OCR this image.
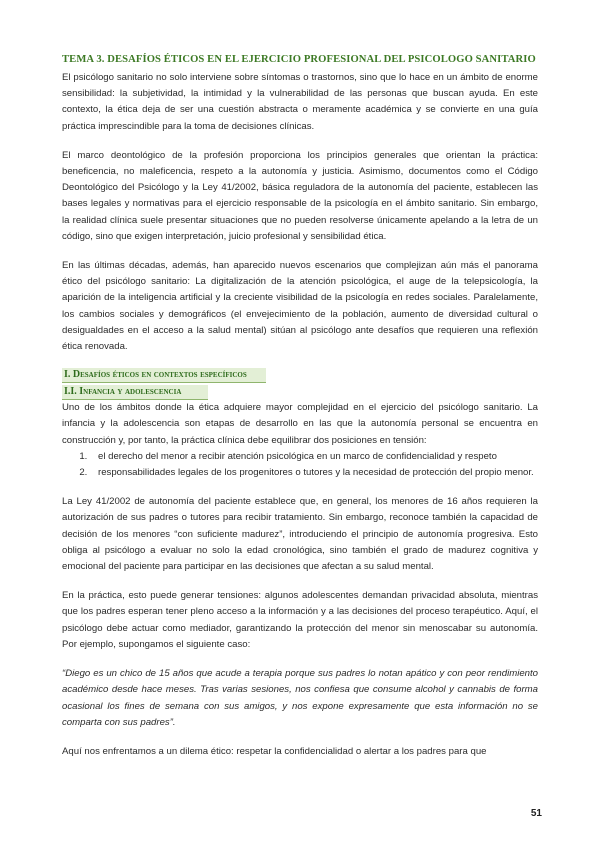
TEMA 3. DESAFÍOS ÉTICOS EN EL EJERCICIO PROFESIONAL DEL PSICOLOGO SANITARIO

El psicólogo sanitario no solo interviene sobre síntomas o trastornos, sino que lo hace en un ámbito de enorme sensibilidad: la subjetividad, la intimidad y la vulnerabilidad de las personas que buscan ayuda. En este contexto, la ética deja de ser una cuestión abstracta o meramente académica y se convierte en una guía práctica imprescindible para la toma de decisiones clínicas.

El marco deontológico de la profesión proporciona los principios generales que orientan la práctica: beneficencia, no maleficencia, respeto a la autonomía y justicia. Asimismo, documentos como el Código Deontológico del Psicólogo y la Ley 41/2002, básica reguladora de la autonomía del paciente, establecen las bases legales y normativas para el ejercicio responsable de la psicología en el ámbito sanitario. Sin embargo, la realidad clínica suele presentar situaciones que no pueden resolverse únicamente apelando a la letra de un código, sino que exigen interpretación, juicio profesional y sensibilidad ética.

En las últimas décadas, además, han aparecido nuevos escenarios que complejizan aún más el panorama ético del psicólogo sanitario: La digitalización de la atención psicológica, el auge de la telepsicología, la aparición de la inteligencia artificial y la creciente visibilidad de la psicología en redes sociales. Paralelamente, los cambios sociales y demográficos (el envejecimiento de la población, aumento de diversidad cultural o desigualdades en el acceso a la salud mental) sitúan al psicólogo ante desafíos que requieren una reflexión ética renovada.

I. Desafíos éticos en contextos específicos
I.I. Infancia y adolescencia

Uno de los ámbitos donde la ética adquiere mayor complejidad en el ejercicio del psicólogo sanitario. La infancia y la adolescencia son etapas de desarrollo en las que la autonomía personal se encuentra en construcción y, por tanto, la práctica clínica debe equilibrar dos posiciones en tensión:

1. el derecho del menor a recibir atención psicológica en un marco de confidencialidad y respeto
2. responsabilidades legales de los progenitores o tutores y la necesidad de protección del propio menor.

La Ley 41/2002 de autonomía del paciente establece que, en general, los menores de 16 años requieren la autorización de sus padres o tutores para recibir tratamiento. Sin embargo, reconoce también la capacidad de decisión de los menores “con suficiente madurez”, introduciendo el principio de autonomía progresiva. Esto obliga al psicólogo a evaluar no solo la edad cronológica, sino también el grado de madurez cognitiva y emocional del paciente para participar en las decisiones que afectan a su salud mental.

En la práctica, esto puede generar tensiones: algunos adolescentes demandan privacidad absoluta, mientras que los padres esperan tener pleno acceso a la información y a las decisiones del proceso terapéutico. Aquí, el psicólogo debe actuar como mediador, garantizando la protección del menor sin menoscabar su autonomía. Por ejemplo, supongamos el siguiente caso:

“Diego es un chico de 15 años que acude a terapia porque sus padres lo notan apático y con peor rendimiento académico desde hace meses. Tras varias sesiones, nos confiesa que consume alcohol y cannabis de forma ocasional los fines de semana con sus amigos, y nos expone expresamente que esta información no se comparta con sus padres”.

Aquí nos enfrentamos a un dilema ético: respetar la confidencialidad o alertar a los padres para que

51
